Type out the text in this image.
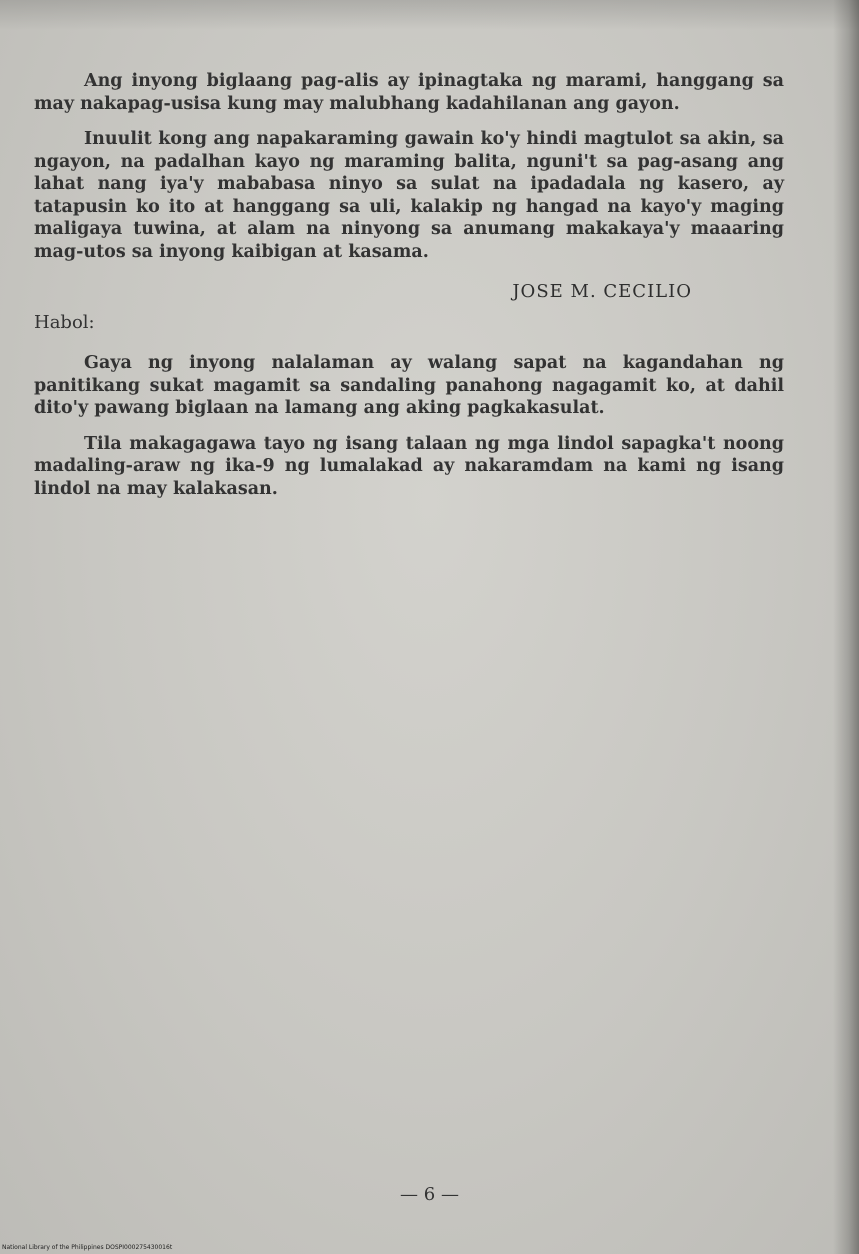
Ang inyong biglaang pag-alis ay ipinagtaka ng marami, hanggang sa may nakapag-usisa kung may malubhang kadahilanan ang gayon.

Inuulit kong ang napakaraming gawain ko'y hindi magtulot sa akin, sa ngayon, na padalhan kayo ng maraming balita, nguni't sa pag-asang ang lahat nang iya'y mababasa ninyo sa sulat na ipadadala ng kasero, ay tatapusin ko ito at hanggang sa uli, kalakip ng hangad na kayo'y maging maligaya tuwina, at alam na ninyong sa anumang makakaya'y maaaring mag-utos sa inyong kaibigan at kasama.

JOSE M. CECILIO

Habol:

Gaya ng inyong nalalaman ay walang sapat na kagandahan ng panitikang sukat magamit sa sandaling panahong nagagamit ko, at dahil dito'y pawang biglaan na lamang ang aking pagkakasulat.

Tila makagagawa tayo ng isang talaan ng mga lindol sapagka't noong madaling-araw ng ika-9 ng lumalakad ay nakaramdam na kami ng isang lindol na may kalakasan.

— 6 —
National Library of the Philippines DOSPI000275430016t
